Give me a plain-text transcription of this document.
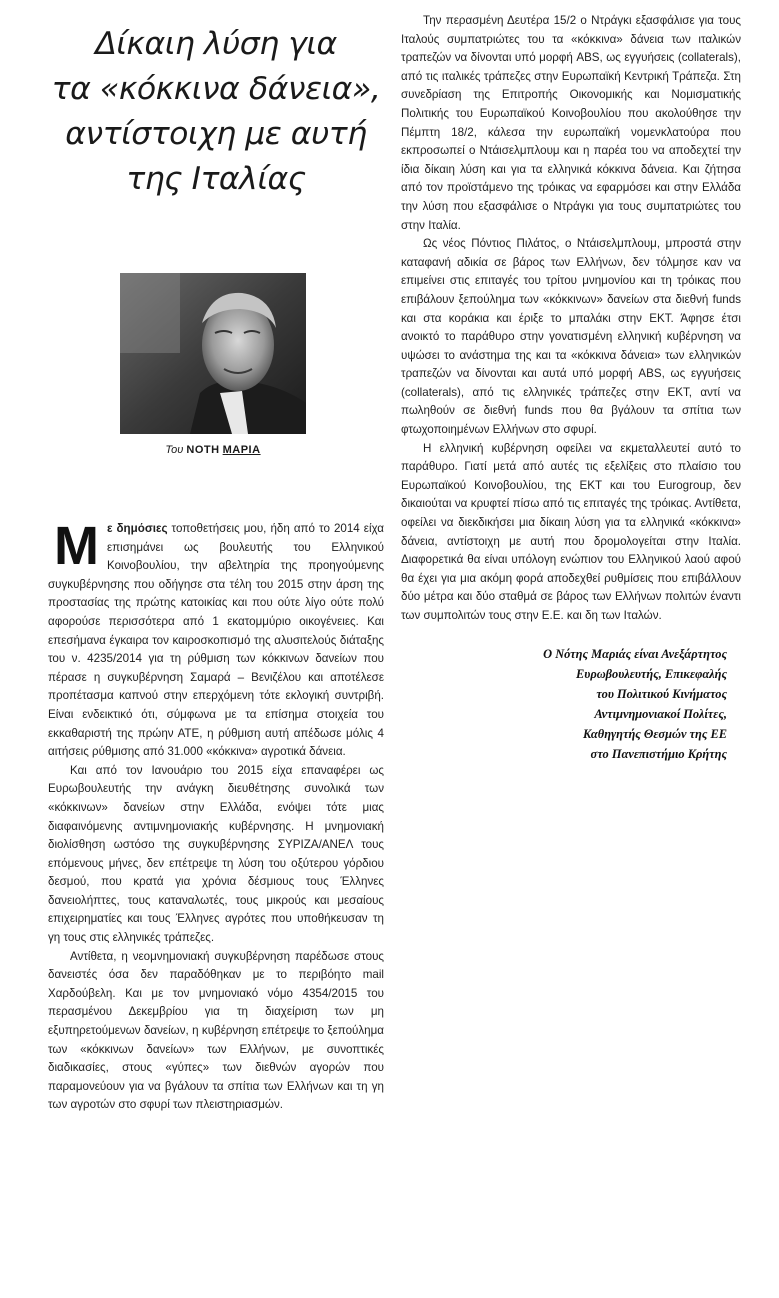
Δίκαιη λύση για
τα «κόκκινα δάνεια»,
αντίστοιχη με αυτή
της Ιταλίας
Του ΝΟΤΗ ΜΑΡΙΑ

Με δημόσιες τοποθετήσεις μου, ήδη από το 2014 είχα επισημάνει ως βουλευτής του Ελληνικού Κοινοβουλίου, την αβελτηρία της προηγούμενης συγκυβέρνησης που οδήγησε στα τέλη του 2015 στην άρση της προστασίας της πρώτης κατοικίας και που ούτε λίγο ούτε πολύ αφορούσε περισσότερα από 1 εκατομμύριο οικογένειες. Και επεσήμανα έγκαιρα τον καιροσκοπισμό της αλυσιτελούς διάταξης του ν. 4235/2014 για τη ρύθμιση των κόκκινων δανείων που πέρασε η συγκυβέρνηση Σαμαρά – Βενιζέλου και αποτέλεσε προπέτασμα καπνού στην επερχόμενη τότε εκλογική συντριβή. Είναι ενδεικτικό ότι, σύμφωνα με τα επίσημα στοιχεία του εκκαθαριστή της πρώην ΑΤΕ, η ρύθμιση αυτή απέδωσε μόλις 4 αιτήσεις ρύθμισης από 31.000 «κόκκινα» αγροτικά δάνεια.

Και από τον Ιανουάριο του 2015 είχα επαναφέρει ως Ευρωβουλευτής την ανάγκη διευθέτησης συνολικά των «κόκκινων» δανείων στην Ελλάδα, ενόψει τότε μιας διαφαινόμενης αντιμνημονιακής κυβέρνησης. Η μνημονιακή διολίσθηση ωστόσο της συγκυβέρνησης ΣΥΡΙΖΑ/ΑΝΕΛ τους επόμενους μήνες, δεν επέτρεψε τη λύση του οξύτερου γόρδιου δεσμού, που κρατά για χρόνια δέσμιους τους Έλληνες δανειολήπτες, τους καταναλωτές, τους μικρούς και μεσαίους επιχειρηματίες και τους Έλληνες αγρότες που υποθήκευσαν τη γη τους στις ελληνικές τράπεζες.

Αντίθετα, η νεομνημονιακή συγκυβέρνηση παρέδωσε στους δανειστές όσα δεν παραδόθηκαν με το περιβόητο mail Χαρδούβελη. Και με τον μνημονιακό νόμο 4354/2015 του περασμένου Δεκεμβρίου για τη διαχείριση των μη εξυπηρετούμενων δανείων, η κυβέρνηση επέτρεψε το ξεπούλημα των «κόκκινων δανείων» των Ελλήνων, με συνοπτικές διαδικασίες, στους «γύπες» των διεθνών αγορών που παραμονεύουν για να βγάλουν τα σπίτια των Ελλήνων και τη γη των αγροτών στο σφυρί των πλειστηριασμών.

Την περασμένη Δευτέρα 15/2 ο Ντράγκι εξασφάλισε για τους Ιταλούς συμπατριώτες του τα «κόκκινα» δάνεια των ιταλικών τραπεζών να δίνονται υπό μορφή ABS, ως εγγυήσεις (collaterals), από τις ιταλικές τράπεζες στην Ευρωπαϊκή Κεντρική Τράπεζα. Στη συνεδρίαση της Επιτροπής Οικονομικής και Νομισματικής Πολιτικής του Ευρωπαϊκού Κοινοβουλίου που ακολούθησε την Πέμπτη 18/2, κάλεσα την ευρωπαϊκή νομενκλατούρα που εκπροσωπεί ο Ντάισελμπλουμ και η παρέα του να αποδεχτεί την ίδια δίκαιη λύση και για τα ελληνικά κόκκινα δάνεια. Και ζήτησα από τον προϊστάμενο της τρόικας να εφαρμόσει και στην Ελλάδα την λύση που εξασφάλισε ο Ντράγκι για τους συμπατριώτες του στην Ιταλία.

Ως νέος Πόντιος Πιλάτος, ο Ντάισελμπλουμ, μπροστά στην καταφανή αδικία σε βάρος των Ελλήνων, δεν τόλμησε καν να επιμείνει στις επιταγές του τρίτου μνημονίου και τη τρόικας που επιβάλουν ξεπούλημα των «κόκκινων» δανείων στα διεθνή funds και στα κοράκια και έριξε το μπαλάκι στην ΕΚΤ. Άφησε έτσι ανοικτό το παράθυρο στην γονατισμένη ελληνική κυβέρνηση να υψώσει το ανάστημα της και τα «κόκκινα δάνεια» των ελληνικών τραπεζών να δίνονται και αυτά υπό μορφή ABS, ως εγγυήσεις (collaterals), από τις ελληνικές τράπεζες στην ΕΚΤ, αντί να πωληθούν σε διεθνή funds που θα βγάλουν τα σπίτια των φτωχοποιημένων Ελλήνων στο σφυρί.

Η ελληνική κυβέρνηση οφείλει να εκμεταλλευτεί αυτό το παράθυρο. Γιατί μετά από αυτές τις εξελίξεις στο πλαίσιο του Ευρωπαϊκού Κοινοβουλίου, της ΕΚΤ και του Eurogroup, δεν δικαιούται να κρυφτεί πίσω από τις επιταγές της τρόικας. Αντίθετα, οφείλει να διεκδικήσει μια δίκαιη λύση για τα ελληνικά «κόκκινα» δάνεια, αντίστοιχη με αυτή που δρομολογείται στην Ιταλία. Διαφορετικά θα είναι υπόλογη ενώπιον του Ελληνικού λαού αφού θα έχει για μια ακόμη φορά αποδεχθεί ρυθμίσεις που επιβάλλουν δύο μέτρα και δύο σταθμά σε βάρος των Ελλήνων πολιτών έναντι των συμπολιτών τους στην Ε.Ε. και δη των Ιταλών.

Ο Νότης Μαριάς είναι Ανεξάρτητος
Ευρωβουλευτής, Επικεφαλής
του Πολιτικού Κινήματος
Αντιμνημονιακοί Πολίτες,
Καθηγητής Θεσμών της ΕΕ
στο Πανεπιστήμιο Κρήτης
